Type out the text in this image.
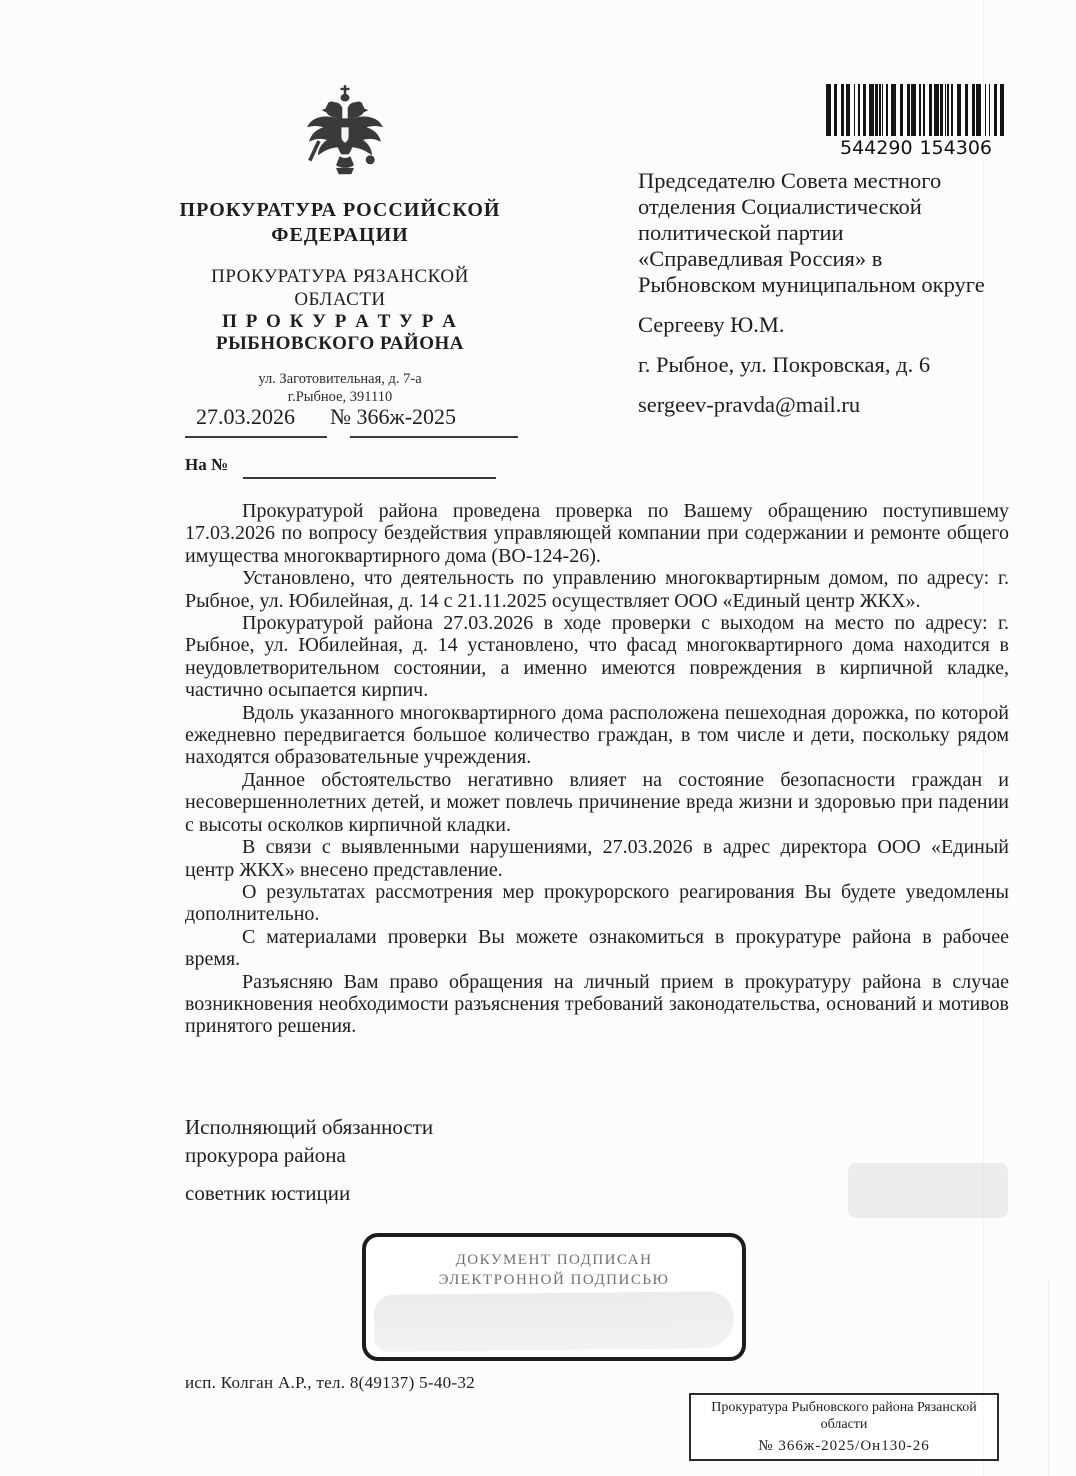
544290 154306
ПРОКУРАТУРА РОССИЙСКОЙ
ФЕДЕРАЦИИ
ПРОКУРАТУРА РЯЗАНСКОЙ
ОБЛАСТИ
П Р О К У Р А Т У Р А
РЫБНОВСКОГО РАЙОНА
ул. Заготовительная, д. 7-а
г.Рыбное, 391110
Председателю Совета местного
отделения Социалистической
политической партии
«Справедливая Россия» в
Рыбновском муниципальном округе
Сергееву Ю.М.
г. Рыбное, ул. Покровская, д. 6
sergeev-pravda@mail.ru
27.03.2026 № 366ж-2025
На №

Прокуратурой района проведена проверка по Вашему обращению поступившему 17.03.2026 по вопросу бездействия управляющей компании при содержании и ремонте общего имущества многоквартирного дома (ВО-124-26).

Установлено, что деятельность по управлению многоквартирным домом, по адресу: г. Рыбное, ул. Юбилейная, д. 14 с 21.11.2025 осуществляет ООО «Единый центр ЖКХ».

Прокуратурой района 27.03.2026 в ходе проверки с выходом на место по адресу: г. Рыбное, ул. Юбилейная, д. 14 установлено, что фасад многоквартирного дома находится в неудовлетворительном состоянии, а именно имеются повреждения в кирпичной кладке, частично осыпается кирпич.

Вдоль указанного многоквартирного дома расположена пешеходная дорожка, по которой ежедневно передвигается большое количество граждан, в том числе и дети, поскольку рядом находятся образовательные учреждения.

Данное обстоятельство негативно влияет на состояние безопасности граждан и несовершеннолетних детей, и может повлечь причинение вреда жизни и здоровью при падении с высоты осколков кирпичной кладки.

В связи с выявленными нарушениями, 27.03.2026 в адрес директора ООО «Единый центр ЖКХ» внесено представление.

О результатах рассмотрения мер прокурорского реагирования Вы будете уведомлены дополнительно.

С материалами проверки Вы можете ознакомиться в прокуратуре района в рабочее время.

Разъясняю Вам право обращения на личный прием в прокуратуру района в случае возникновения необходимости разъяснения требований законодательства, оснований и мотивов принятого решения.

Исполняющий обязанности
прокурора района
советник юстиции
ДОКУМЕНТ ПОДПИСАН
ЭЛЕКТРОННОЙ ПОДПИСЬЮ
исп. Колган А.Р., тел. 8(49137) 5-40-32
Прокуратура Рыбновского района Рязанской области
№ 366ж-2025/Он130-26
